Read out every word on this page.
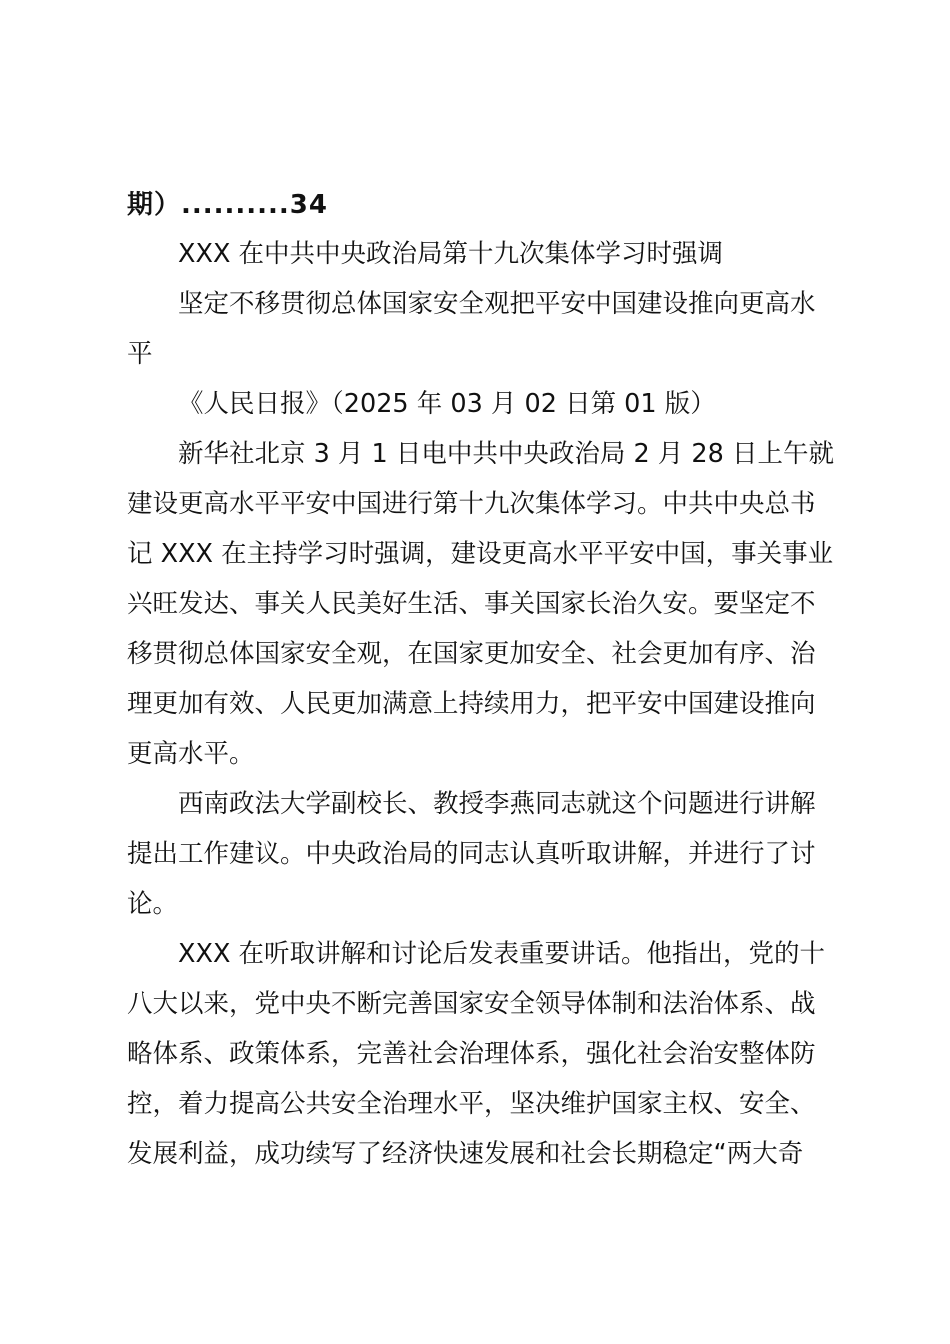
期）..........34
XXX 在中共中央政治局第十九次集体学习时强调
坚定不移贯彻总体国家安全观把平安中国建设推向更高水
平
《人民日报》（2025 年 03 月 02 日第 01 版）
新华社北京 3 月 1 日电中共中央政治局 2 月 28 日上午就
建设更高水平平安中国进行第十九次集体学习。中共中央总书
记 XXX 在主持学习时强调，建设更高水平平安中国，事关事业
兴旺发达、事关人民美好生活、事关国家长治久安。要坚定不
移贯彻总体国家安全观，在国家更加安全、社会更加有序、治
理更加有效、人民更加满意上持续用力，把平安中国建设推向
更高水平。
西南政法大学副校长、教授李燕同志就这个问题进行讲解
提出工作建议。中央政治局的同志认真听取讲解，并进行了讨
论。
XXX 在听取讲解和讨论后发表重要讲话。他指出，党的十
八大以来，党中央不断完善国家安全领导体制和法治体系、战
略体系、政策体系，完善社会治理体系，强化社会治安整体防
控，着力提高公共安全治理水平，坚决维护国家主权、安全、
发展利益，成功续写了经济快速发展和社会长期稳定“两大奇
